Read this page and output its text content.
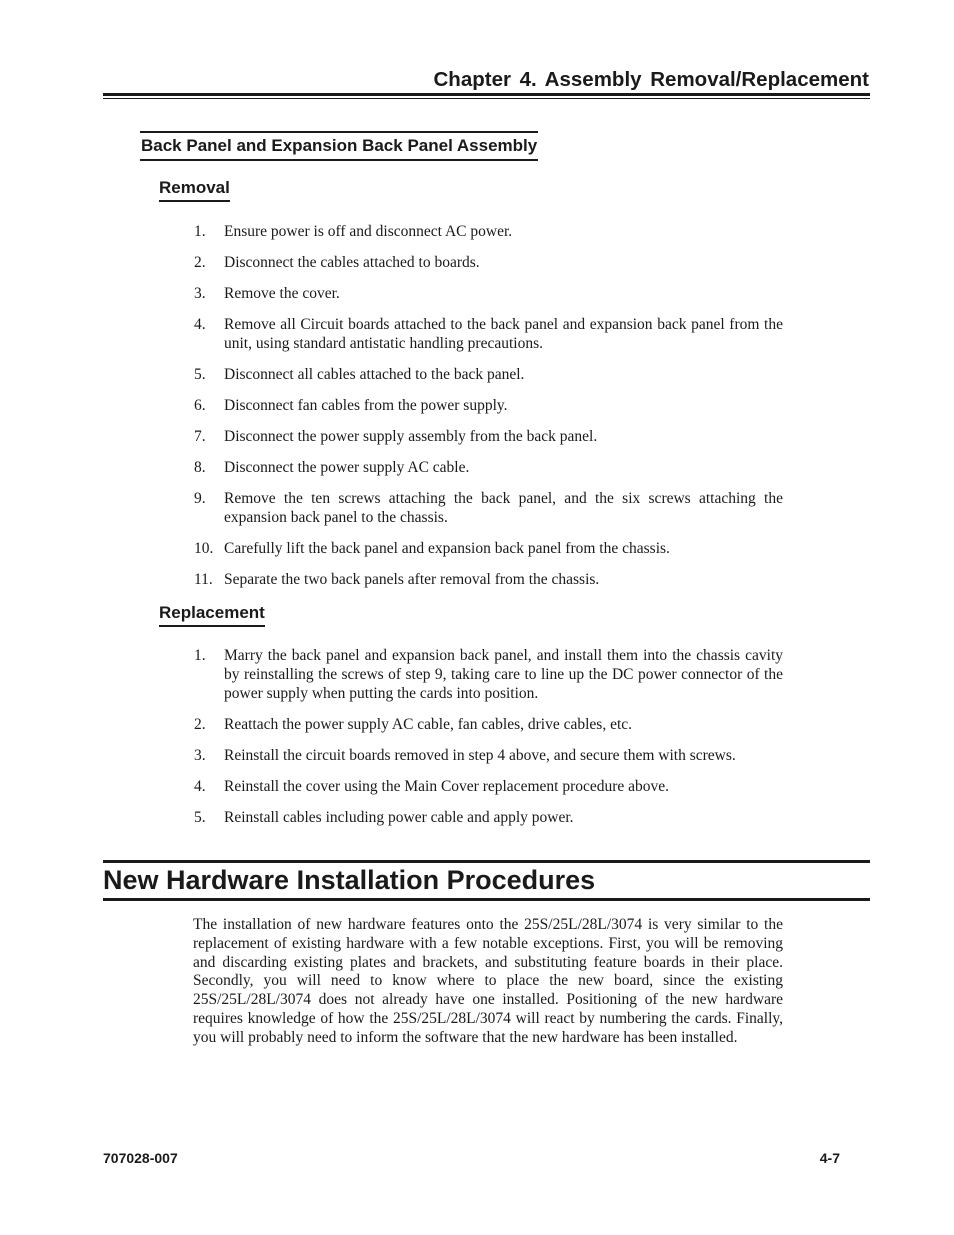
Chapter 4. Assembly Removal/Replacement
Back Panel and Expansion Back Panel Assembly
Removal
1. Ensure power is off and disconnect AC power.
2. Disconnect the cables attached to boards.
3. Remove the cover.
4. Remove all Circuit boards attached to the back panel and expansion back panel from the unit, using standard antistatic handling precautions.
5. Disconnect all cables attached to the back panel.
6. Disconnect fan cables from the power supply.
7. Disconnect the power supply assembly from the back panel.
8. Disconnect the power supply AC cable.
9. Remove the ten screws attaching the back panel, and the six screws attaching the expansion back panel to the chassis.
10. Carefully lift the back panel and expansion back panel from the chassis.
11. Separate the two back panels after removal from the chassis.
Replacement
1. Marry the back panel and expansion back panel, and install them into the chassis cavity by reinstalling the screws of step 9, taking care to line up the DC power connector of the power supply when putting the cards into position.
2. Reattach the power supply AC cable, fan cables, drive cables, etc.
3. Reinstall the circuit boards removed in step 4 above, and secure them with screws.
4. Reinstall the cover using the Main Cover replacement procedure above.
5. Reinstall cables including power cable and apply power.
New Hardware Installation Procedures

The installation of new hardware features onto the 25S/25L/28L/3074 is very similar to the replacement of existing hardware with a few notable exceptions. First, you will be removing and discarding existing plates and brackets, and substituting feature boards in their place. Secondly, you will need to know where to place the new board, since the existing 25S/25L/28L/3074 does not already have one installed. Positioning of the new hardware requires knowledge of how the 25S/25L/28L/3074 will react by numbering the cards. Finally, you will probably need to inform the software that the new hardware has been installed.

707028-007	4-7
